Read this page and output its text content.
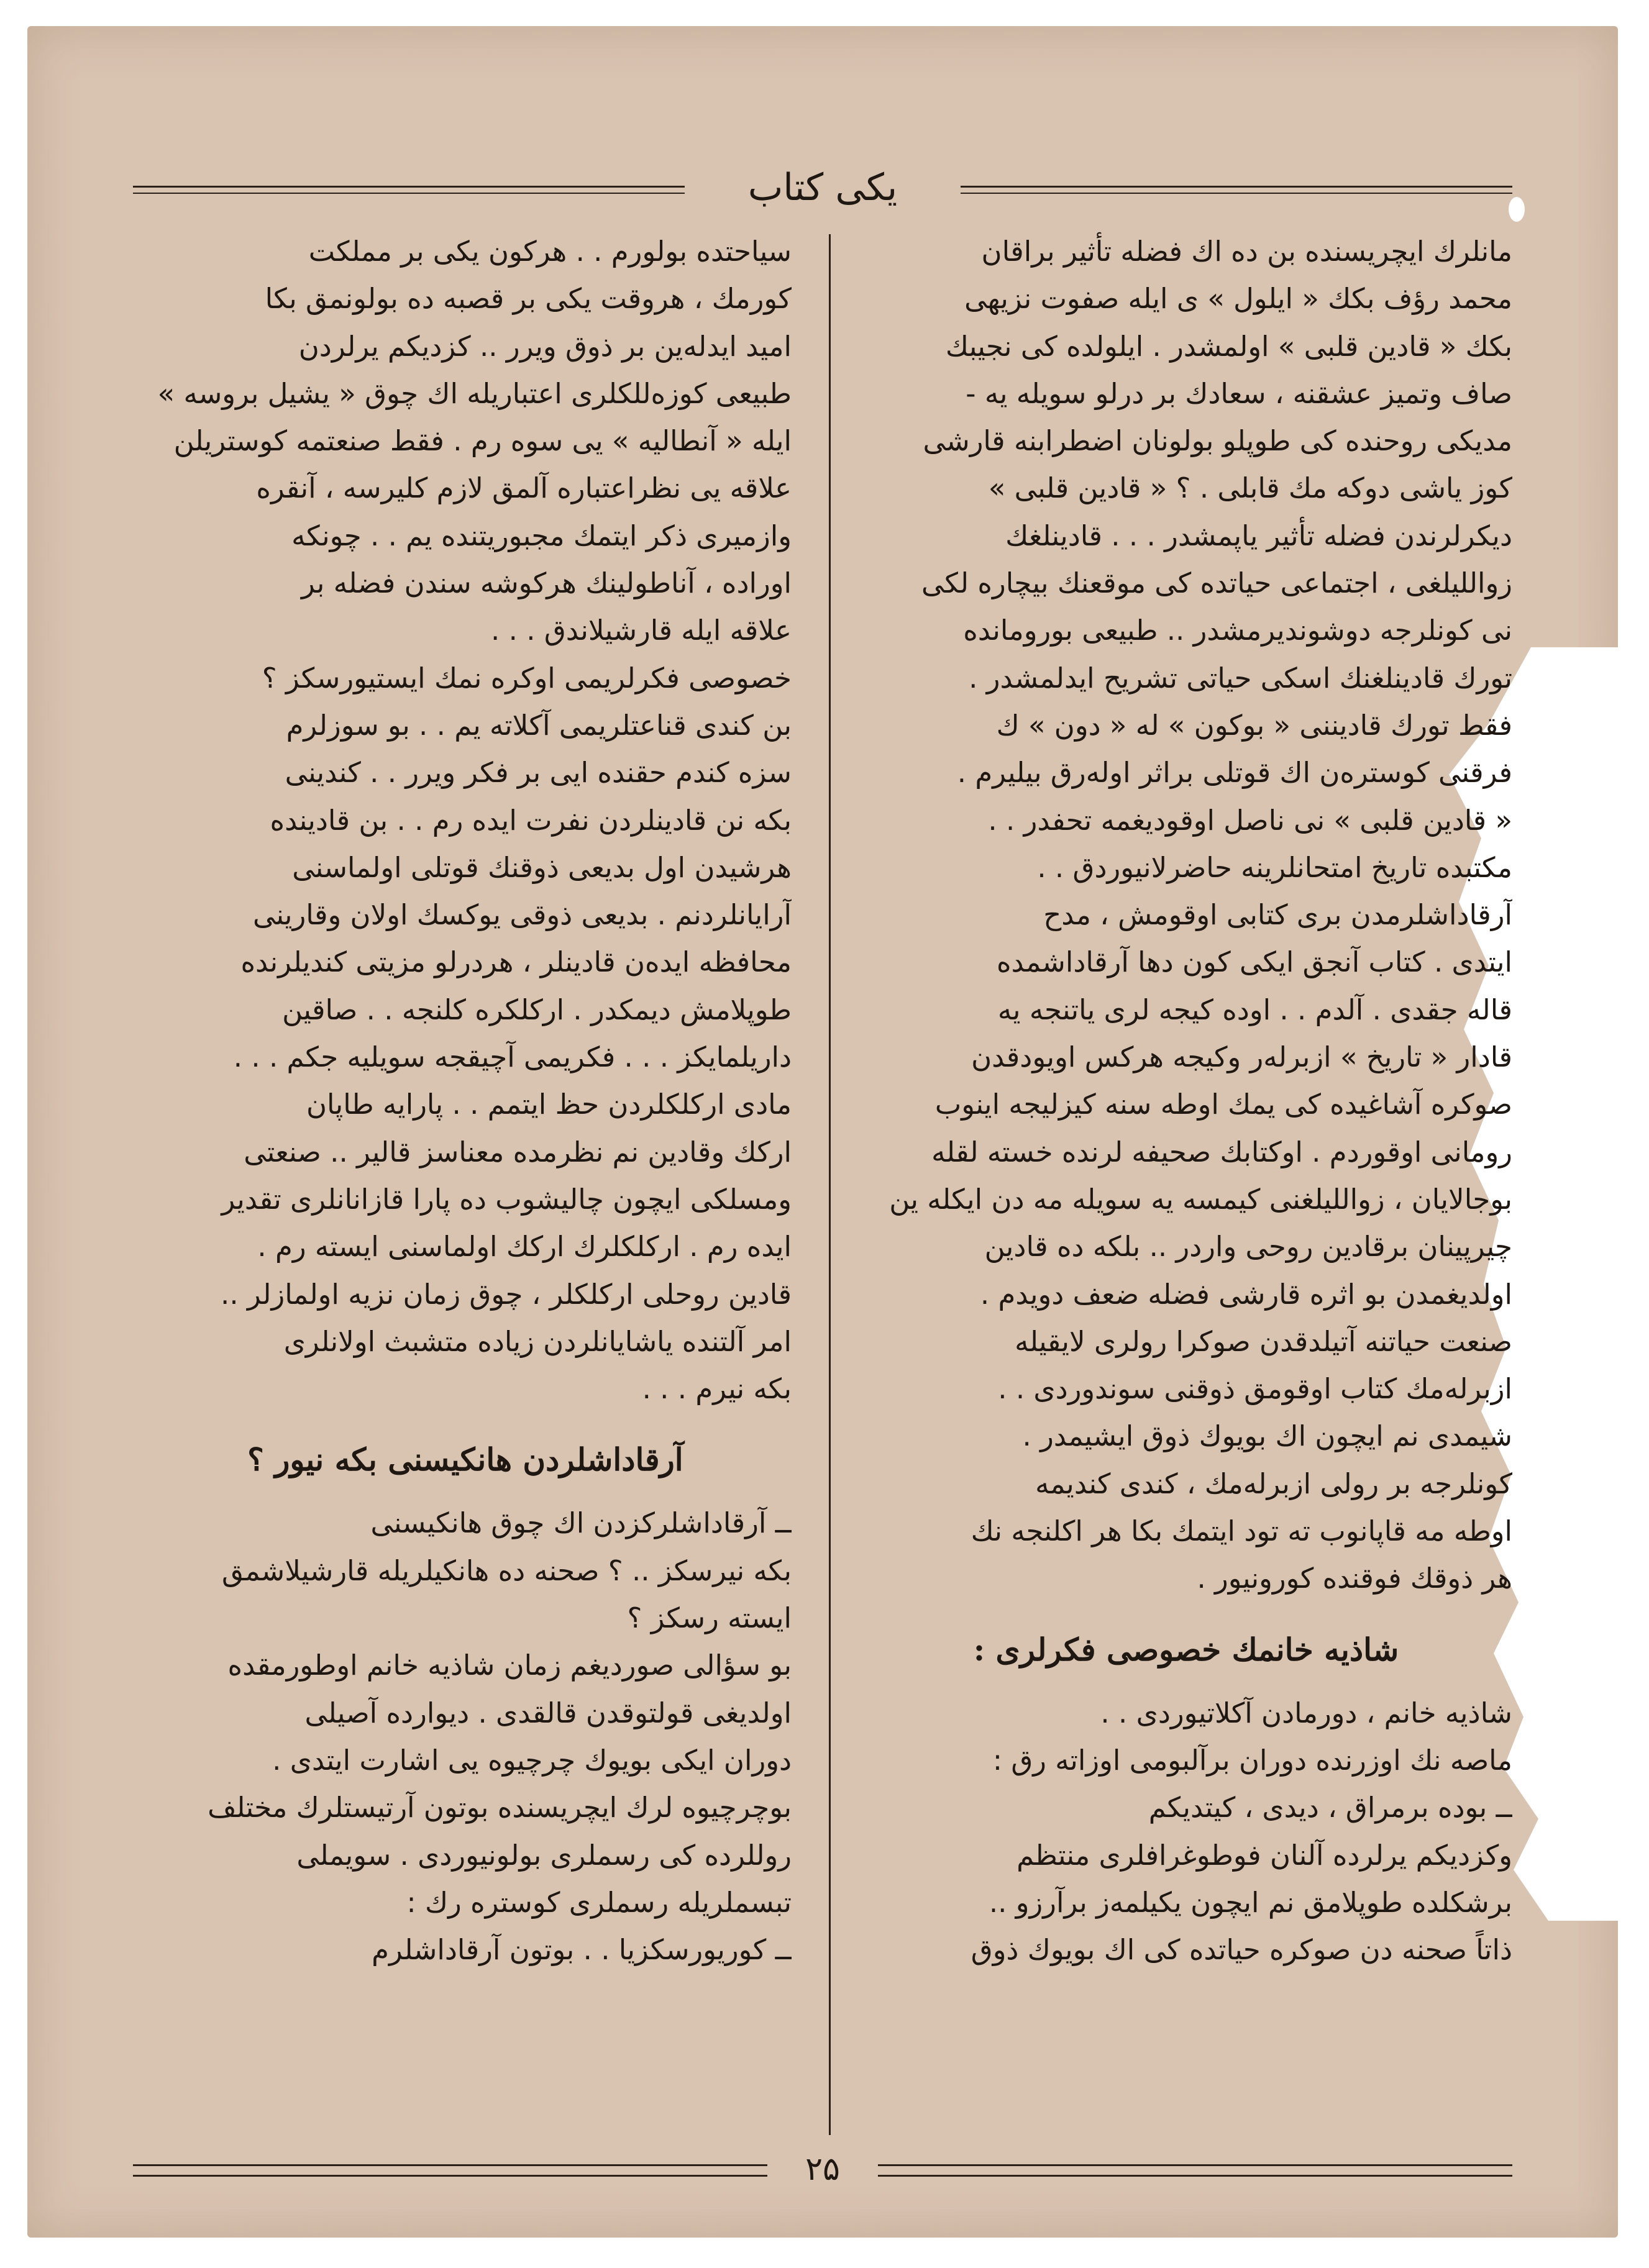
یکی کتاب

مانلرك ایچریسنده بن ده اك فضله تأثیر براقان

محمد رؤف بكك « ایلول » ی ایله صفوت نزیهی

بكك « قادین قلبی » اولمشدر . ایلولده كی نجیبك

صاف وتمیز عشقنه ، سعادك بر درلو سویله یه -

مدیكی روحنده كی طوپلو بولونان اضطرابنه قارشی

كوز یاشی دوكه مك قابلی . ؟ « قادین قلبی »

دیكرلرندن فضله تأثیر یاپمشدر . . . قادینلغك

زواللیلغی ، اجتماعی حیاتده كی موقعنك بیچاره لكی

نی كونلرجه دوشوندیرمشدر .. طبیعی بوروماندە

تورك قادینلغنك اسكی حیاتی تشریح ایدلمشدر .

فقط تورك قادیننی « بوكون » له « دون » ك

فرقنی كوسترەن اك قوتلی براثر اولەرق بیلیرم .

« قادین قلبی » نی ناصل اوقودیغمه تحفدر . .

مكتبده تاریخ امتحانلرینه حاضرلانیوردق . .

آرقاداشلرمدن بری كتابی اوقومش ، مدح

ایتدی . كتاب آنجق ایكی كون دها آرقاداشمده

قاله جقدی . آلدم . . اوده كیجه لری یاتنجه یه

قادار « تاریخ » ازبرلەر وكیجه هركس اویودقدن

صوكره آشاغیده كی یمك اوطه سنه كیزلیجه اینوب

رومانی اوقوردم . اوكتابك صحیفه لرنده خسته لقله

بوجالایان ، زواللیلغنی كیمسه یه سویله مه دن ایكله ین

چیرپینان برقادین روحی واردر .. بلكه ده قادین

اولدیغمدن بو اثره قارشی فضله ضعف دویدم .

صنعت حیاتنه آتیلدقدن صوكرا رولری لایقیله

ازبرلەمك كتاب اوقومق ذوقنی سوندوردی . .

شیمدی نم ایچون اك بویوك ذوق ایشیمدر .

كونلرجه بر رولی ازبرلەمك ، كندی كندیمه

اوطه مه قاپانوب ته تود ایتمك بكا هر اكلنجه نك

هر ذوقك فوقنده كورونیور .

شاذیه خانمك خصوصی فكرلری :

شاذیه خانم ، دورمادن آكلاتیوردی . .

ماصه نك اوزرنده دوران برآلبومی اوزاته رق :

ــ بوده برمراق ، دیدی ، كیتدیكم

وكزدیكم یرلرده آلنان فوطوغرافلری منتظم

برشكلده طوپلامق نم ایچون یكیلمەز برآرزو ..

ذاتاً صحنه دن صوكره حیاتده كی اك بویوك ذوق

سیاحتده بولورم . . هركون یكی بر مملكت

كورمك ، هروقت یكی بر قصبه ده بولونمق بكا

امید ایدلەین بر ذوق ویرر .. كزدیكم یرلردن

طبیعی كوزەللكلری اعتباریله اك چوق « یشیل بروسه »

ایله « آنطالیه » یی سوه رم . فقط صنعتمه كوستریلن

علاقه یی نظراعتباره آلمق لازم كلیرسه ، آنقره

وازمیری ذكر ایتمك مجبوریتنده یم . . چونكه

اوراده ، آناطولینك هركوشه سندن فضله بر

علاقه ایله قارشیلاندق . . .

خصوصی فكرلریمی اوكره نمك ایستیورسكز ؟

بن كندی قناعتلریمی آكلاته یم . . بو سوزلرم

سزه كندم حقنده ایی بر فكر ویرر . . كندینی

بكه نن قادینلردن نفرت ایده رم . . بن قادینده

هرشیدن اول بدیعی ذوقنك قوتلی اولماسنی

آرایانلردنم . بدیعی ذوقی یوكسك اولان وقارینی

محافظه ایدەن قادینلر ، هردرلو مزیتی كندیلرنده

طوپلامش دیمكدر . اركلكره كلنجه . . صاقین

داریلمایكز . . . فكریمی آچیقجه سویلیه جكم . . .

مادی اركلكلردن حظ ایتمم . . پارایه طاپان

اركك وقادین نم نظرمده معناسز قالیر .. صنعتی

ومسلكی ایچون چالیشوب ده پارا قازانانلری تقدیر

ایده رم . اركلكلرك اركك اولماسنی ایسته رم .

قادین روحلی اركلكلر ، چوق زمان نزیه اولمازلر ..

امر آلتنده یاشایانلردن زیاده متشبث اولانلری

بكه نیرم . . .

آرقاداشلردن هانكیسنی بكه نیور ؟

ــ آرقاداشلركزدن اك چوق هانكیسنی

بكه نیرسكز .. ؟ صحنه ده هانكیلریله قارشیلاشمق

ایسته رسكز ؟

بو سؤالی صوردیغم زمان شاذیه خانم اوطورمقده

اولدیغی قولتوقدن قالقدی . دیوارده آصیلی

دوران ایكی بویوك چرچیوه یی اشارت ایتدی .

بوچرچیوه لرك ایچریسنده بوتون آرتیستلرك مختلف

روللرده كی رسملری بولونیوردی . سویملی

تبسملریله رسملری كوستره رك :

ــ كوریورسكزیا . . بوتون آرقاداشلرم

۲۵
